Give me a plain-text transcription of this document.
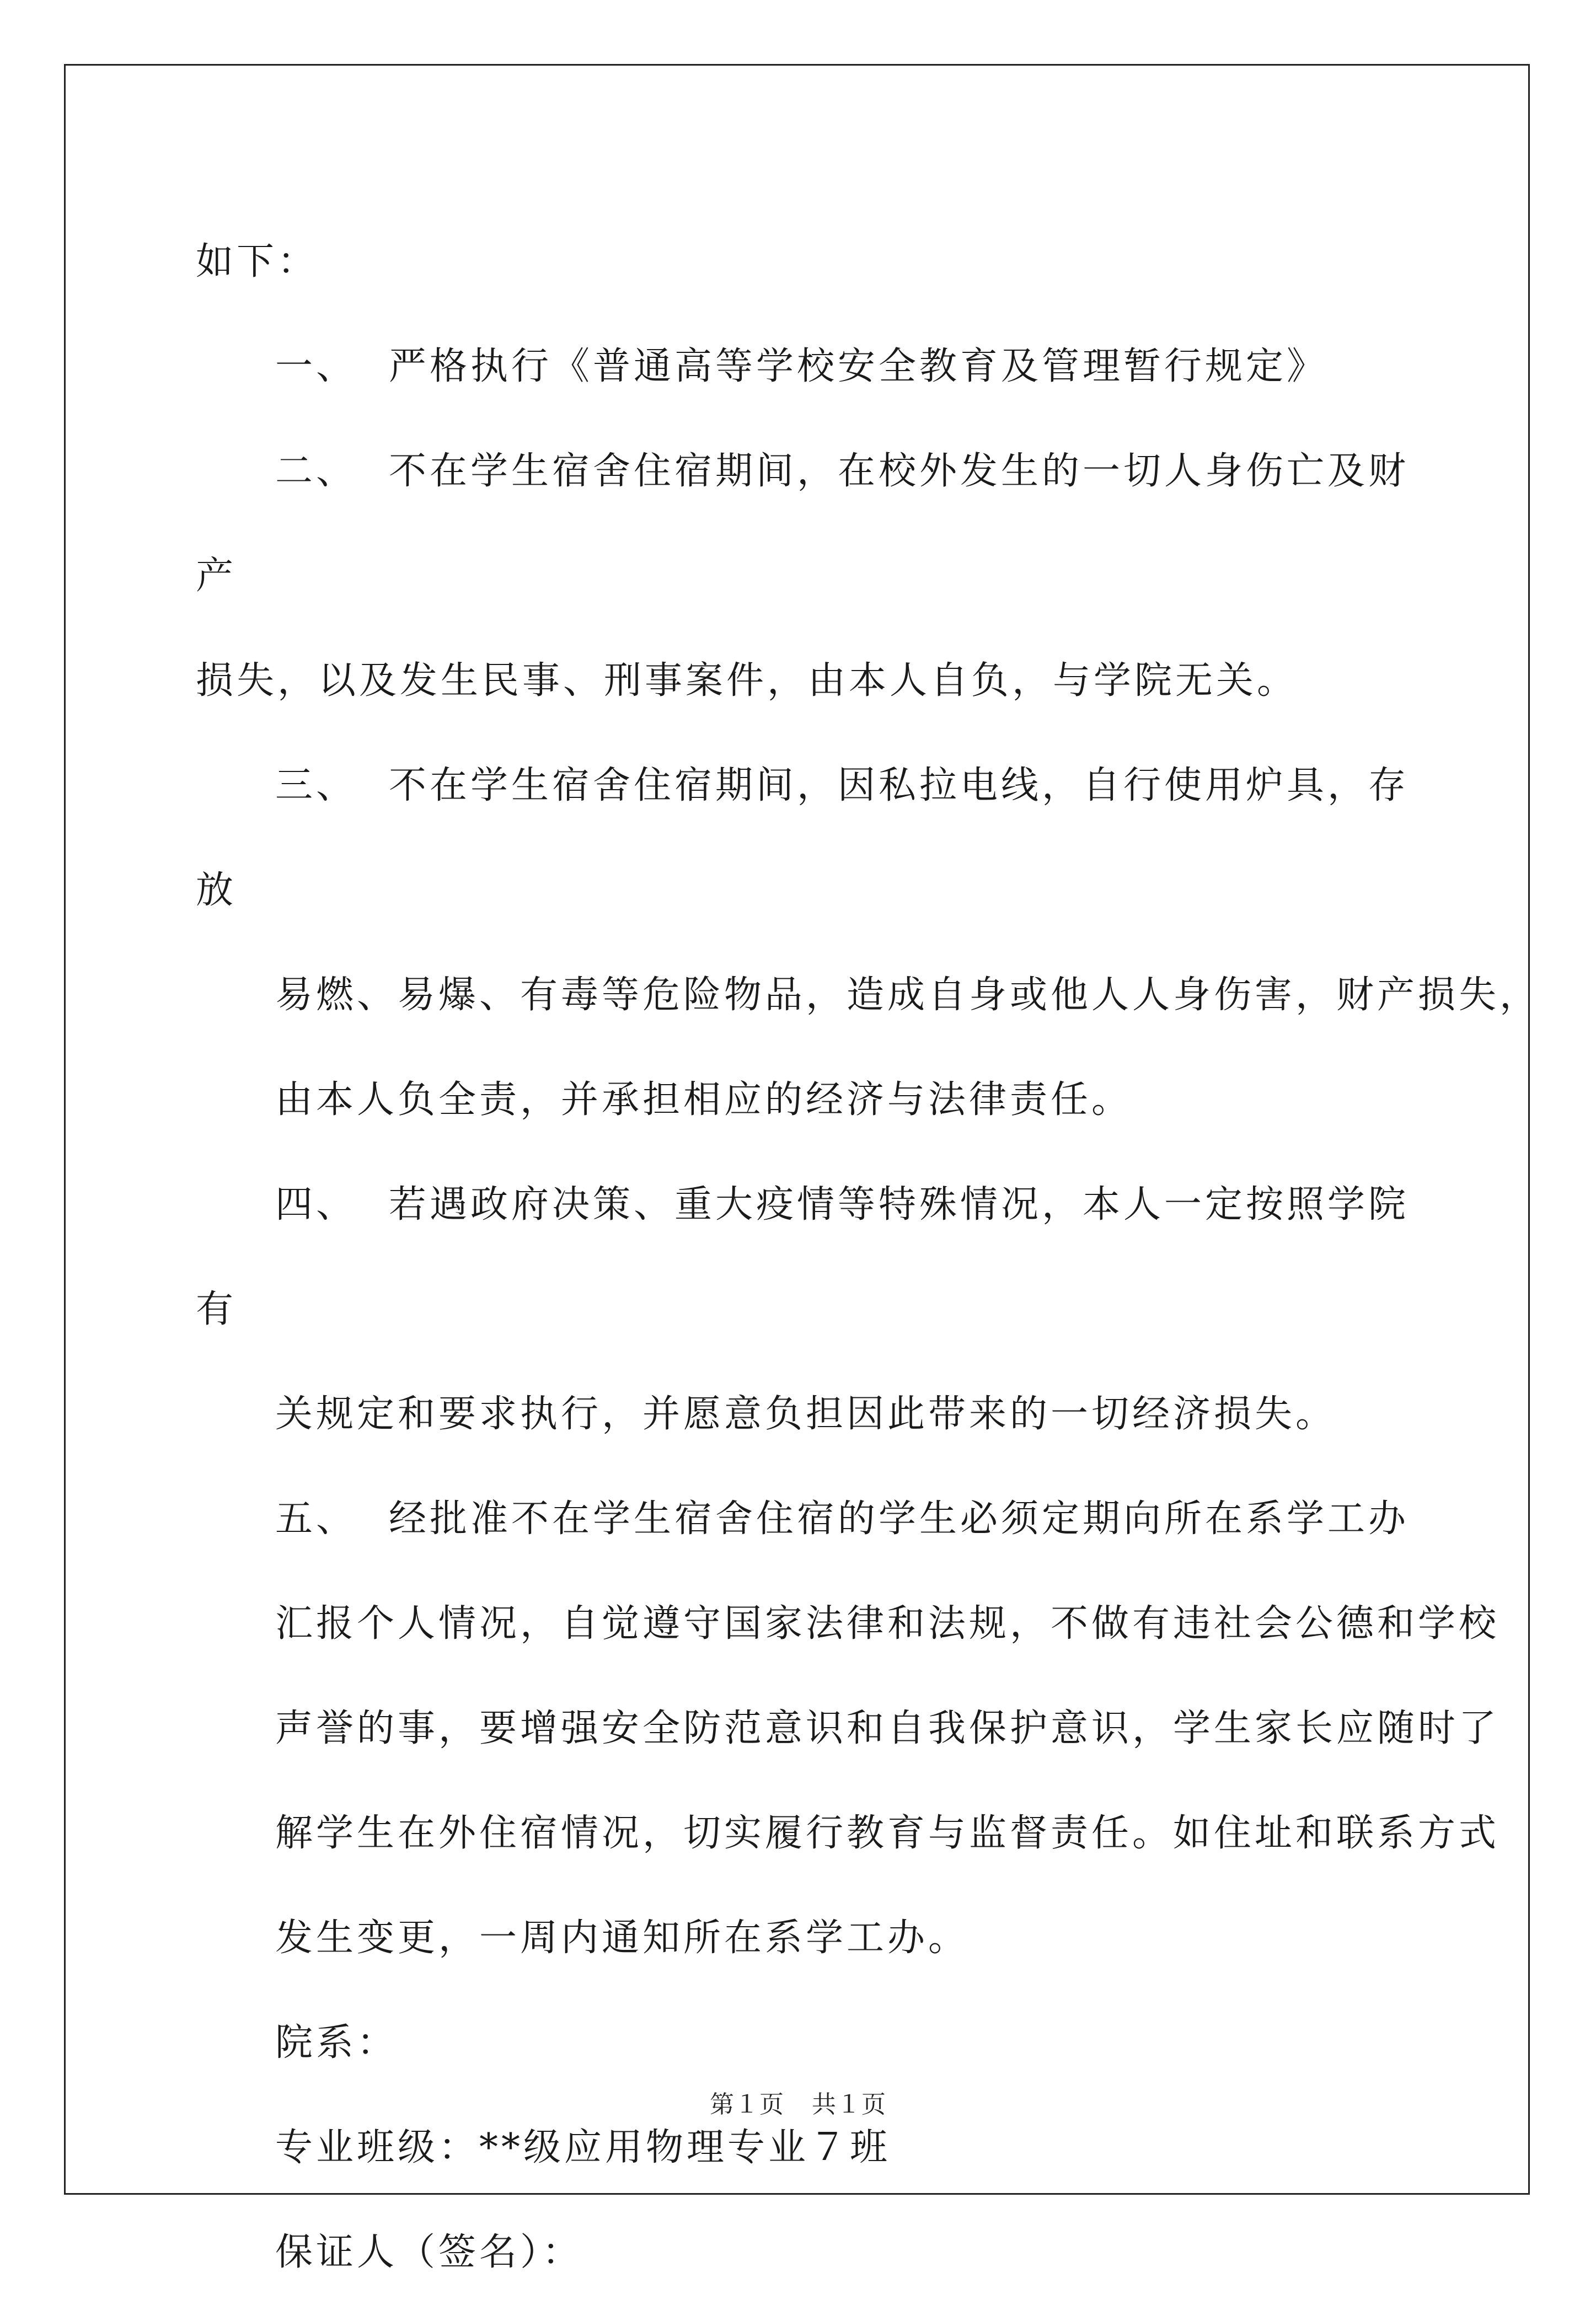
如下：

一、 严格执行《普通高等学校安全教育及管理暂行规定》

二、 不在学生宿舍住宿期间，在校外发生的一切人身伤亡及财产
损失，以及发生民事、刑事案件，由本人自负，与学院无关。

三、 不在学生宿舍住宿期间，因私拉电线，自行使用炉具，存放
易燃、易爆、有毒等危险物品，造成自身或他人人身伤害，财产损失，
由本人负全责，并承担相应的经济与法律责任。

四、 若遇政府决策、重大疫情等特殊情况，本人一定按照学院有
关规定和要求执行，并愿意负担因此带来的一切经济损失。

五、 经批准不在学生宿舍住宿的学生必须定期向所在系学工办
汇报个人情况，自觉遵守国家法律和法规，不做有违社会公德和学校
声誉的事，要增强安全防范意识和自我保护意识，学生家长应随时了
解学生在外住宿情况，切实履行教育与监督责任。如住址和联系方式
发生变更，一周内通知所在系学工办。

院系：

专业班级：**级应用物理专业７班

保证人（签名）：

第１页 共１页
